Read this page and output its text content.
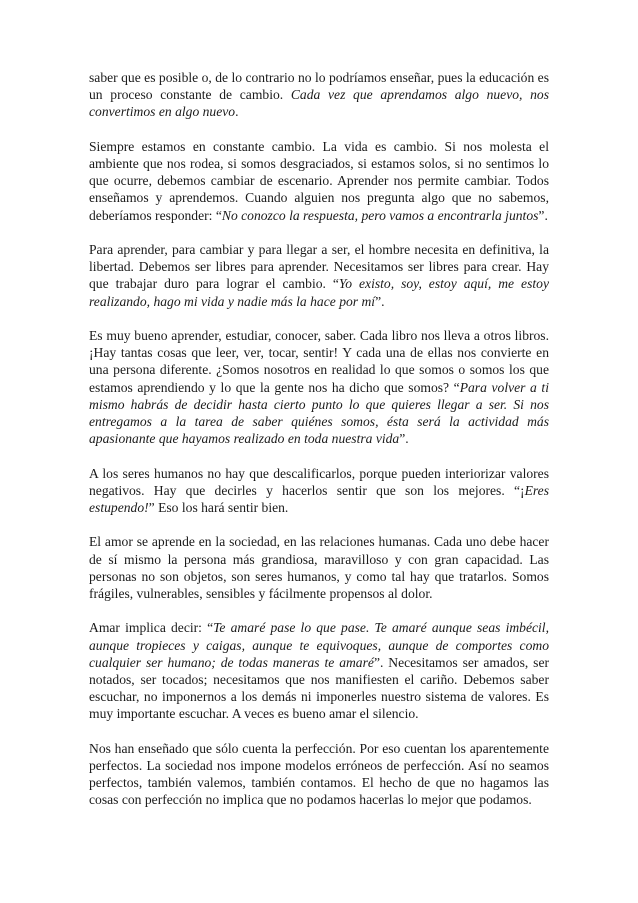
saber que es posible o, de lo contrario no lo podríamos enseñar, pues la educación es un proceso constante de cambio. Cada vez que aprendamos algo nuevo, nos convertimos en algo nuevo.

Siempre estamos en constante cambio. La vida es cambio. Si nos molesta el ambiente que nos rodea, si somos desgraciados, si estamos solos, si no sentimos lo que ocurre, debemos cambiar de escenario. Aprender nos permite cambiar. Todos enseñamos y aprendemos. Cuando alguien nos pregunta algo que no sabemos, deberíamos responder: “No conozco la respuesta, pero vamos a encontrarla juntos”.

Para aprender, para cambiar y para llegar a ser, el hombre necesita en definitiva, la libertad. Debemos ser libres para aprender. Necesitamos ser libres para crear. Hay que trabajar duro para lograr el cambio. “Yo existo, soy, estoy aquí, me estoy realizando, hago mi vida y nadie más la hace por mí”.

Es muy bueno aprender, estudiar, conocer, saber. Cada libro nos lleva a otros libros. ¡Hay tantas cosas que leer, ver, tocar, sentir! Y cada una de ellas nos convierte en una persona diferente. ¿Somos nosotros en realidad lo que somos o somos los que estamos aprendiendo y lo que la gente nos ha dicho que somos? “Para volver a ti mismo habrás de decidir hasta cierto punto lo que quieres llegar a ser. Si nos entregamos a la tarea de saber quiénes somos, ésta será la actividad más apasionante que hayamos realizado en toda nuestra vida”.

A los seres humanos no hay que descalificarlos, porque pueden interiorizar valores negativos. Hay que decirles y hacerlos sentir que son los mejores. “¡Eres estupendo!” Eso los hará sentir bien.

El amor se aprende en la sociedad, en las relaciones humanas. Cada uno debe hacer de sí mismo la persona más grandiosa, maravilloso y con gran capacidad. Las personas no son objetos, son seres humanos, y como tal hay que tratarlos. Somos frágiles, vulnerables, sensibles y fácilmente propensos al dolor.

Amar implica decir: “Te amaré pase lo que pase. Te amaré aunque seas imbécil, aunque tropieces y caigas, aunque te equivoques, aunque de comportes como cualquier ser humano; de todas maneras te amaré”. Necesitamos ser amados, ser notados, ser tocados; necesitamos que nos manifiesten el cariño. Debemos saber escuchar, no imponernos a los demás ni imponerles nuestro sistema de valores. Es muy importante escuchar. A veces es bueno amar el silencio.

Nos han enseñado que sólo cuenta la perfección. Por eso cuentan los aparentemente perfectos. La sociedad nos impone modelos erróneos de perfección. Así no seamos perfectos, también valemos, también contamos. El hecho de que no hagamos las cosas con perfección no implica que no podamos hacerlas lo mejor que podamos.
